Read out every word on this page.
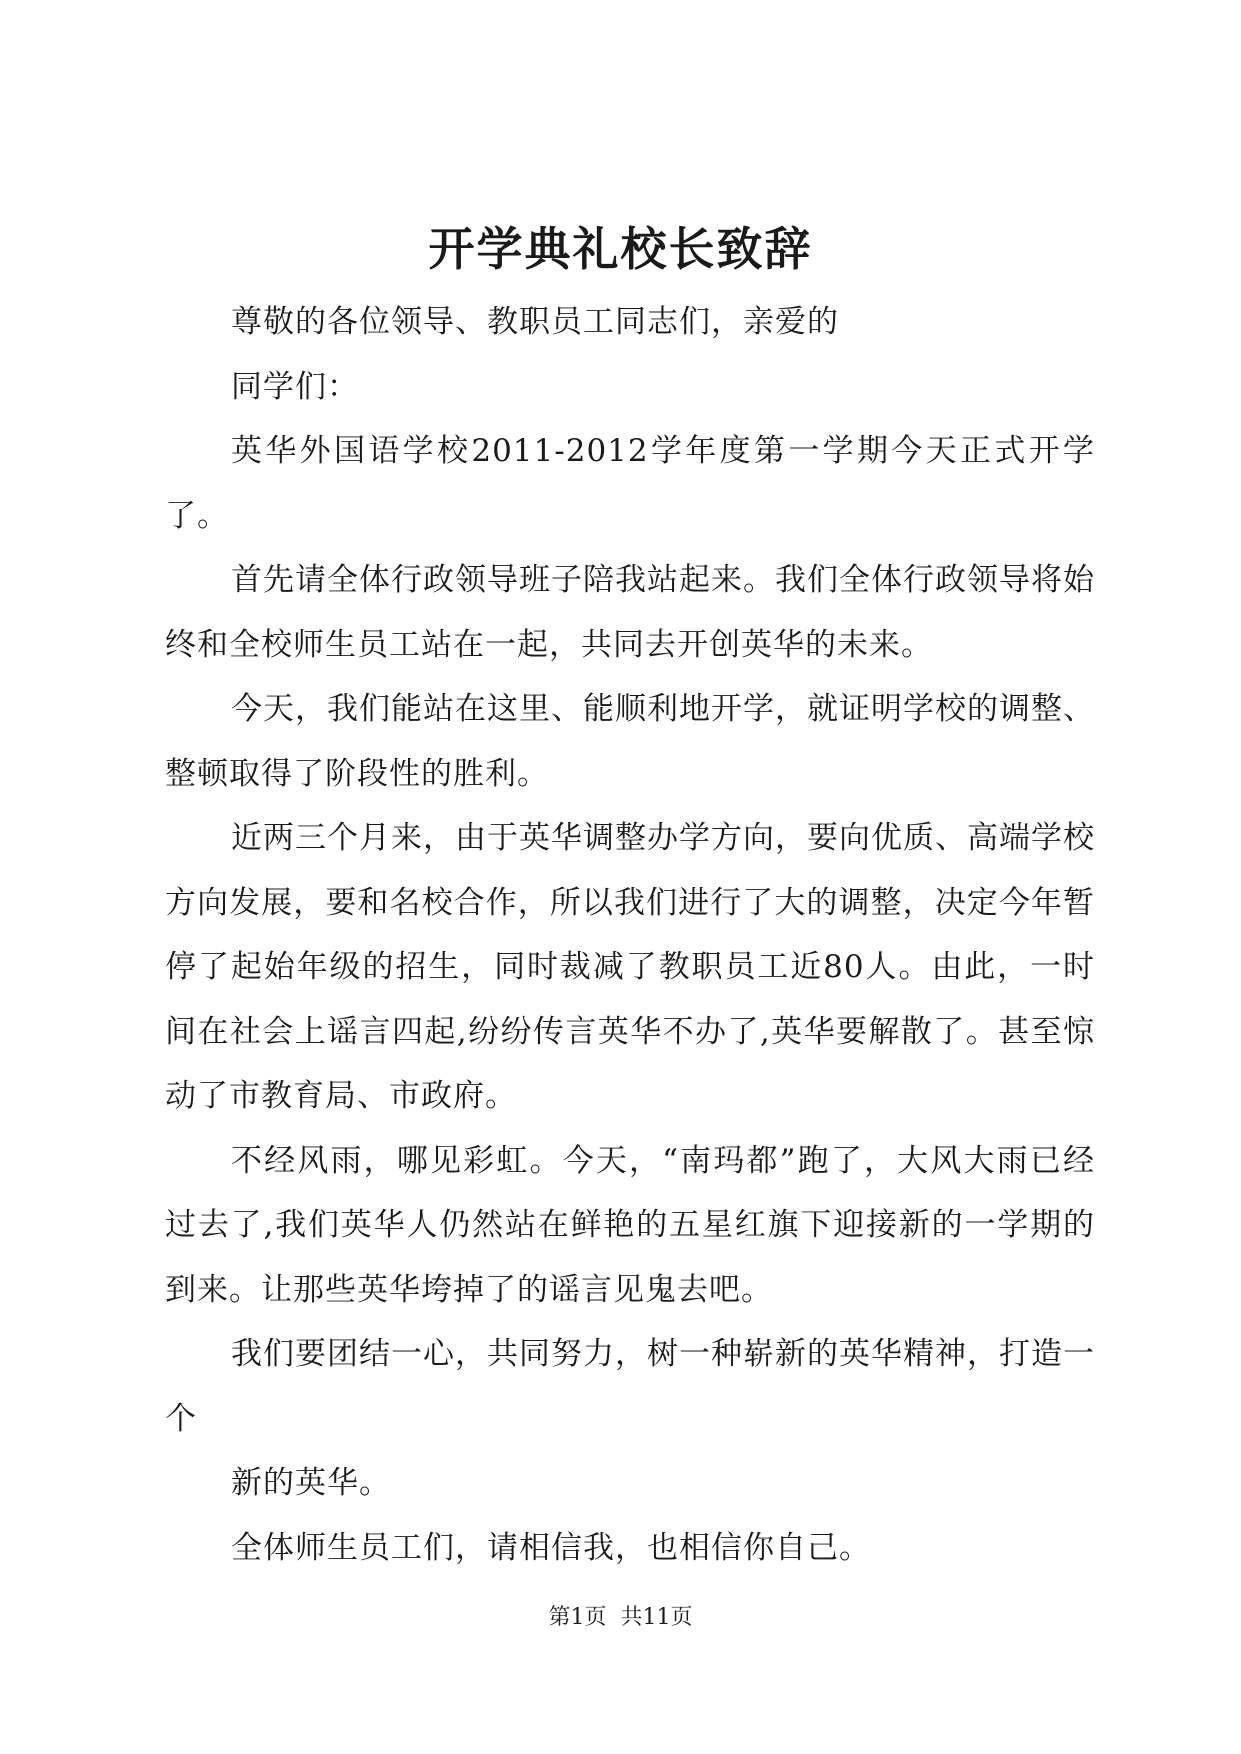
开学典礼校长致辞

尊敬的各位领导、教职员工同志们，亲爱的

同学们：

英华外国语学校2011-2012学年度第一学期今天正式开学了。

首先请全体行政领导班子陪我站起来。我们全体行政领导将始终和全校师生员工站在一起，共同去开创英华的未来。

今天，我们能站在这里、能顺利地开学，就证明学校的调整、整顿取得了阶段性的胜利。

近两三个月来，由于英华调整办学方向，要向优质、高端学校方向发展，要和名校合作，所以我们进行了大的调整，决定今年暂停了起始年级的招生，同时裁减了教职员工近80人。由此，一时间在社会上谣言四起,纷纷传言英华不办了,英华要解散了。甚至惊动了市教育局、市政府。

不经风雨，哪见彩虹。今天，“南玛都”跑了，大风大雨已经过去了,我们英华人仍然站在鲜艳的五星红旗下迎接新的一学期的到来。让那些英华垮掉了的谣言见鬼去吧。

我们要团结一心，共同努力，树一种崭新的英华精神，打造一个

新的英华。

全体师生员工们，请相信我，也相信你自己。

第1页 共11页
